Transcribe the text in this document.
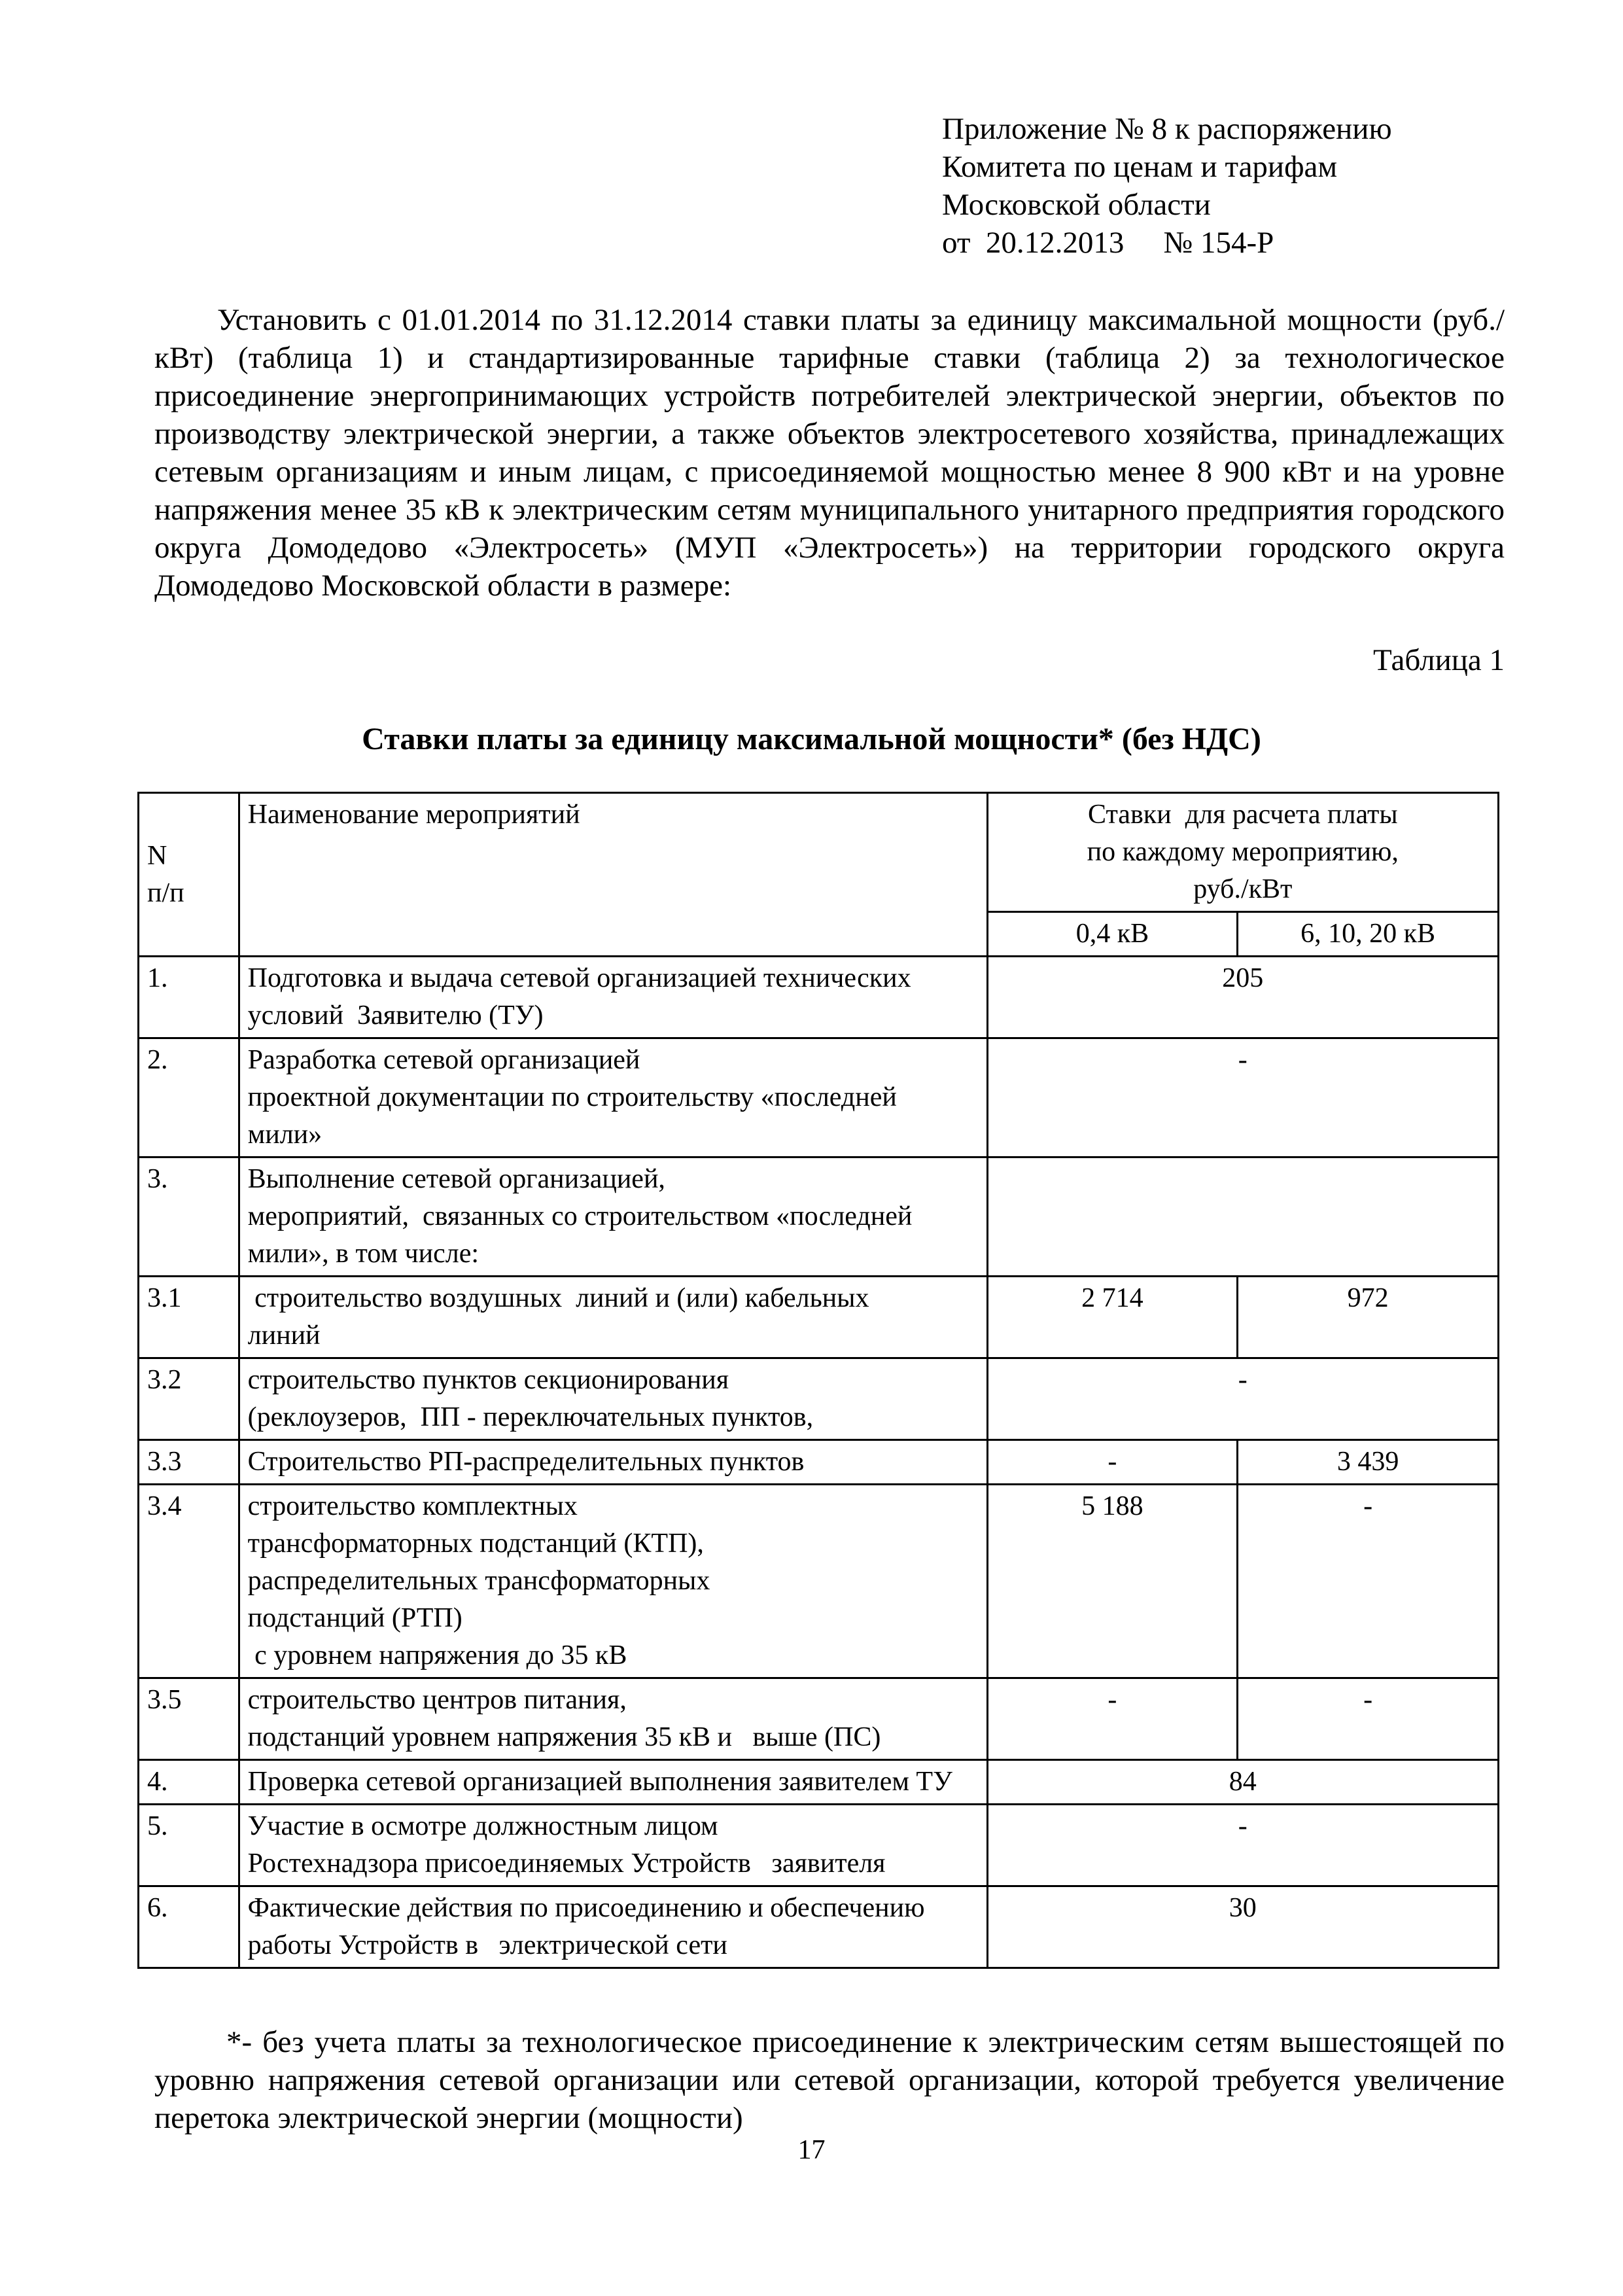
Приложение № 8 к распоряжению
Комитета по ценам и тарифам
Московской области
от  20.12.2013 № 154-Р
Установить с 01.01.2014 по 31.12.2014 ставки платы за единицу максимальной мощности (руб./кВт) (таблица 1) и стандартизированные тарифные ставки (таблица 2) за технологическое присоединение энергопринимающих устройств потребителей электрической энергии, объектов по производству электрической энергии, а также объектов электросетевого хозяйства, принадлежащих сетевым организациям и иным лицам, с присоединяемой мощностью менее 8 900 кВт и на уровне напряжения менее 35 кВ к электрическим сетям муниципального унитарного предприятия городского округа Домодедово «Электросеть» (МУП «Электросеть») на территории городского округа Домодедово Московской области в размере:
Таблица 1
Ставки платы за единицу максимальной мощности* (без НДС)
N
п/п	Наименование мероприятий	Ставки  для расчета платы
по каждому мероприятию,
руб./кВт	
		0,4 кВ	6, 10, 20 кВ
1.	Подготовка и выдача сетевой организацией технических
условий  Заявителю (ТУ)	205	
2.	Разработка сетевой организацией
проектной документации по строительству «последней
мили»	-	
3.	Выполнение сетевой организацией,
мероприятий,  связанных со строительством «последней
мили», в том числе:		
3.1	строительство воздушных  линий и (или) кабельных
линий	2 714	972
3.2	строительство пунктов секционирования
(реклоузеров,  ПП - переключательных пунктов,	-	
3.3	Строительство РП-распределительных пунктов	-	3 439
3.4	строительство комплектных
трансформаторных подстанций (КТП),
распределительных трансформаторных
подстанций (РТП)
с уровнем напряжения до 35 кВ	5 188	-
3.5	строительство центров питания,
подстанций уровнем напряжения 35 кВ и   выше (ПС)	-	-
4.	Проверка сетевой организацией выполнения заявителем ТУ	84	
5.	Участие в осмотре должностным лицом
Ростехнадзора присоединяемых Устройств   заявителя	-	
6.	Фактические действия по присоединению и обеспечению
работы Устройств в   электрической сети	30	
*- без учета платы за технологическое присоединение к электрическим сетям вышестоящей по уровню напряжения сетевой организации или сетевой организации, которой требуется увеличение перетока электрической энергии (мощности)
17
